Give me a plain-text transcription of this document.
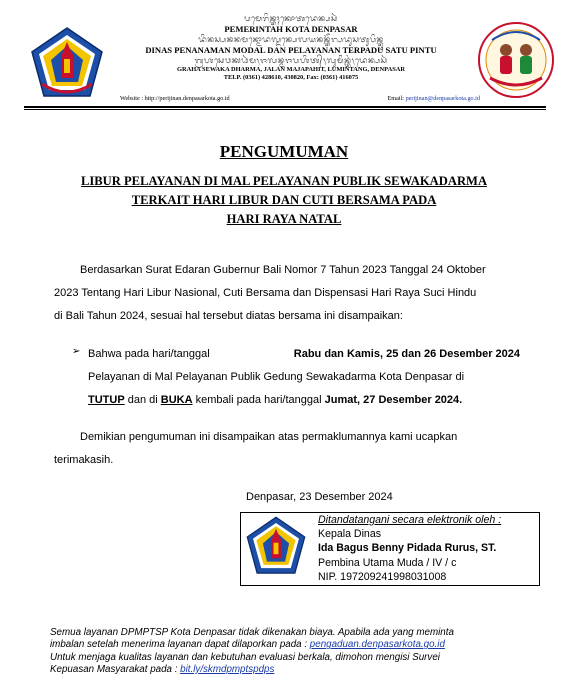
ᬧᬫᬾᬭᬶᬦ᭄ᬢᬄᬓᭀᬢᬤᬾᬦ᭄ᬧᬲᬃ
PEMERINTAH KOTA DENPASAR
ᬤᬶᬦᬲ᭄ᬧᬦᬦᬫᬦ᭄ᬫᭀᬤᬮ᭄ᬤᬦ᭄ᬧᬾᬮᬬᬦᬦ᭄ᬢᭂᬭ᭄ᬧᬤᬸᬲᬢᬸᬧᬶᬦ᭄ᬢᬸ
DINAS PENANAMAN MODAL DAN PELAYANAN TERPADU SATU PINTU
ᬕ᭄ᬭᬳᬲᬾᬯᬓᬥᬃᬫ᭞ᬚᬮᬦ᭄ᬫᬚᬧᬳᬶᬢ᭄᭞ᬮᬸᬫᬶᬦ᭄ᬢᬂ᭞ᬤᬾᬦ᭄ᬧᬲᬃ
GRAHA SEWAKA DHARMA, JALAN MAJAPAHIT, LUMINTANG, DENPASAR
TELP. (0361) 428610, 430820, Fax: (0361) 416075
Website : http://perijinan.denpasarkota.go.id	Email: perijinan@denpasarkota.go.id
PENGUMUMAN
LIBUR PELAYANAN DI MAL PELAYANAN PUBLIK SEWAKADARMA
TERKAIT HARI LIBUR DAN CUTI BERSAMA PADA
HARI RAYA NATAL
Berdasarkan Surat Edaran Gubernur Bali Nomor 7 Tahun 2023 Tanggal 24 Oktober
2023 Tentang Hari Libur Nasional, Cuti Bersama dan Dispensasi Hari Raya Suci Hindu
di Bali Tahun 2024, sesuai hal tersebut diatas bersama ini disampaikan:
➢ Bahwa pada hari/tanggal	Rabu dan Kamis, 25 dan 26 Desember 2024
Pelayanan di Mal Pelayanan Publik Gedung Sewakadarma Kota Denpasar di
TUTUP dan di BUKA kembali pada hari/tanggal Jumat, 27 Desember 2024.
Demikian pengumuman ini disampaikan atas permaklumannya kami ucapkan
terimakasih.
Denpasar, 23 Desember 2024
Ditandatangani secara elektronik oleh :
Kepala Dinas
Ida Bagus Benny Pidada Rurus, ST.
Pembina Utama Muda / IV / c
NIP. 197209241998031008
Semua layanan DPMPTSP Kota Denpasar tidak dikenakan biaya. Apabila ada yang meminta
imbalan setelah menerima layanan dapat dilaporkan pada : pengaduan.denpasarkota.go.id
Untuk menjaga kualitas layanan dan kebutuhan evaluasi berkala, dimohon mengisi Survei
Kepuasan Masyarakat pada : bit.ly/skmdpmptspdps
